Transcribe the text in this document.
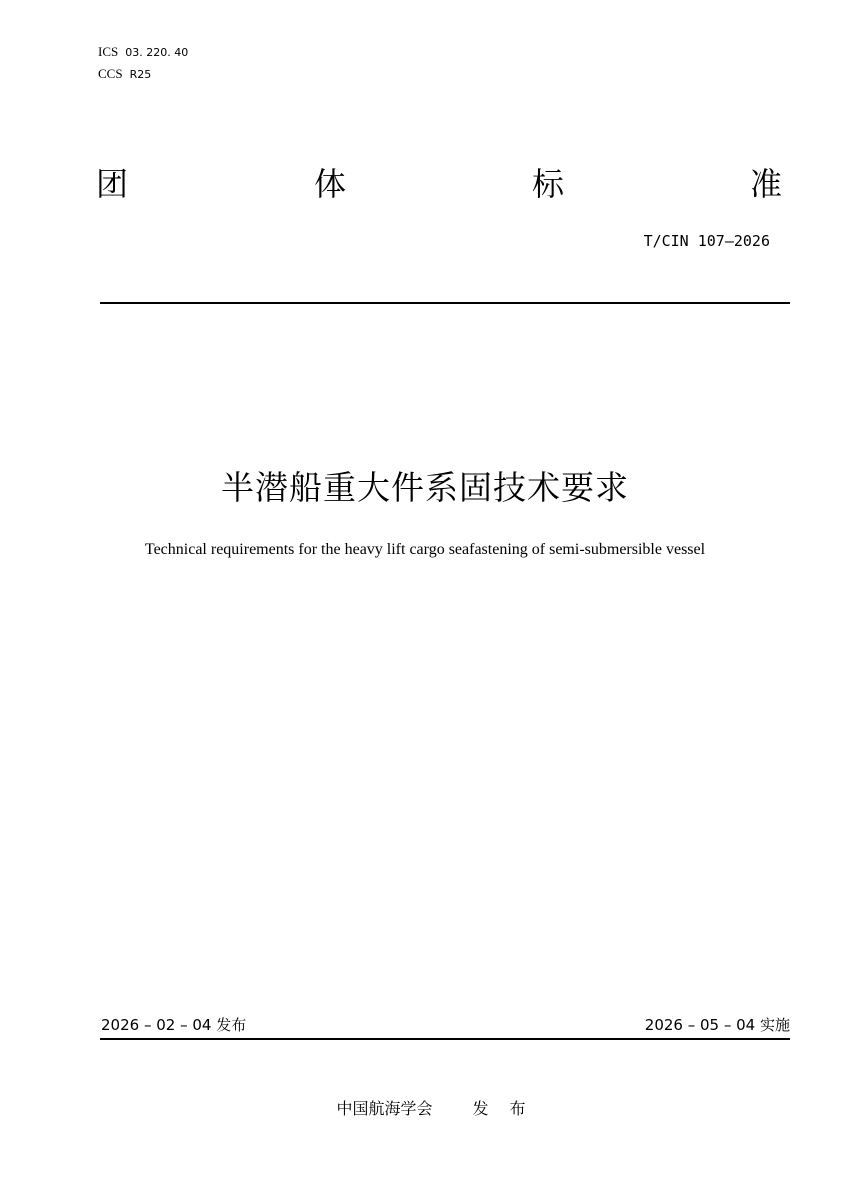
ICS 03. 220. 40
CCS R25
团	体	标	准
T/CIN 107—2026
半潜船重大件系固技术要求
Technical requirements for the heavy lift cargo seafastening of semi-submersible vessel
2026 – 02 – 04 发布	2026 – 05 – 04 实施
中国航海学会	发 布
